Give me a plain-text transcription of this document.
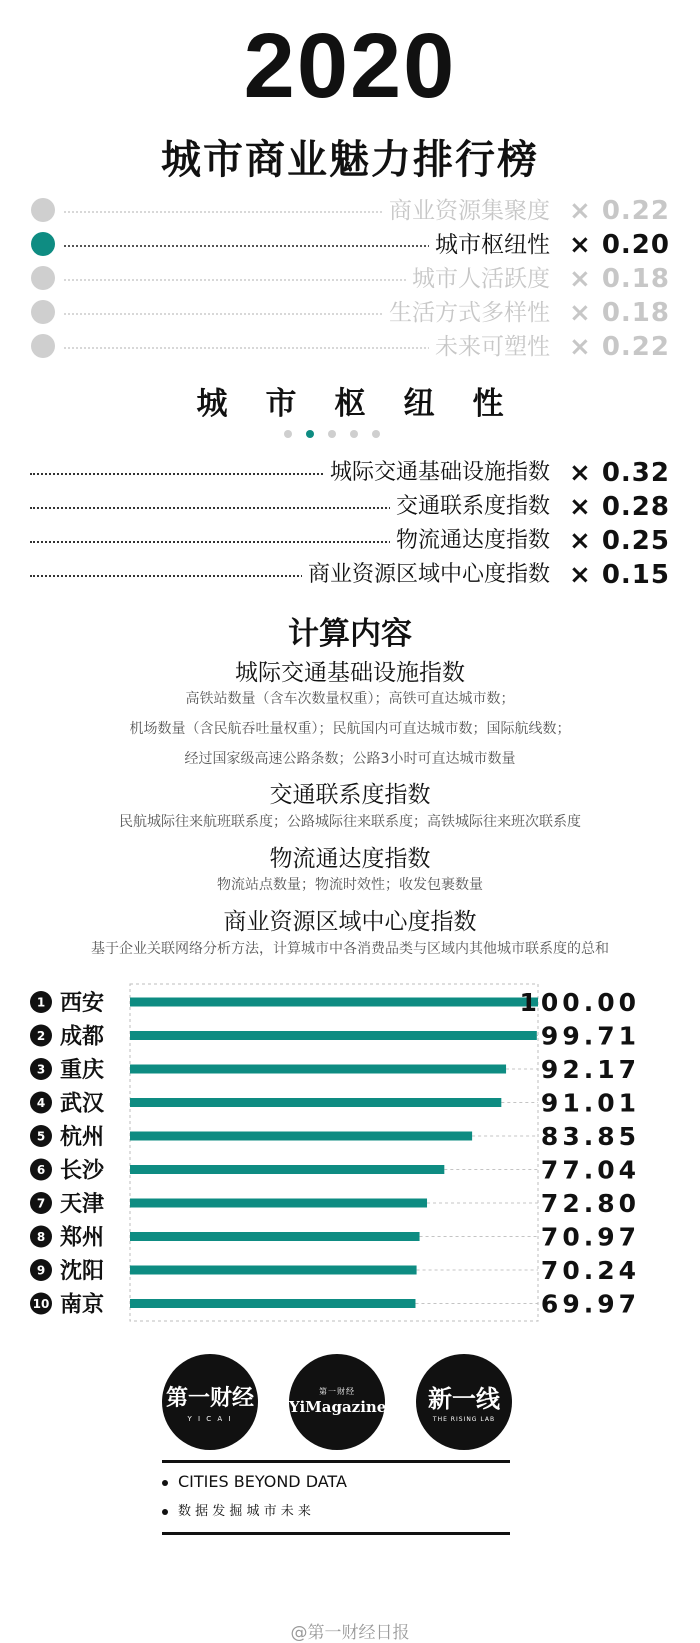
2020
城市商业魅力排行榜
商业资源集聚度 × 0.22
城市枢纽性 × 0.20
城市人活跃度 × 0.18
生活方式多样性 × 0.18
未来可塑性 × 0.22
城市枢纽性
城际交通基础设施指数 × 0.32
交通联系度指数 × 0.28
物流通达度指数 × 0.25
商业资源区域中心度指数 × 0.15
计算内容
城际交通基础设施指数
高铁站数量（含车次数量权重）；高铁可直达城市数；
机场数量（含民航吞吐量权重）；民航国内可直达城市数；国际航线数；
经过国家级高速公路条数；公路3小时可直达城市数量
交通联系度指数
民航城际往来航班联系度；公路城际往来联系度；高铁城际往来班次联系度
物流通达度指数
物流站点数量；物流时效性；收发包裹数量
商业资源区域中心度指数
基于企业关联网络分析方法，计算城市中各消费品类与区域内其他城市联系度的总和
1 西安	100.00
2 成都	99.71
3 重庆	92.17
4 武汉	91.01
5 杭州	83.85
6 长沙	77.04
7 天津	72.80
8 郑州	70.97
9 沈阳	70.24
10 南京	69.97
第一财经
Y I C A I
第一财经
YiMagazine	新一线
THE RISING LAB
CITIES BEYOND DATA
数 据 发 掘 城 市 未 来
@第一财经日报
